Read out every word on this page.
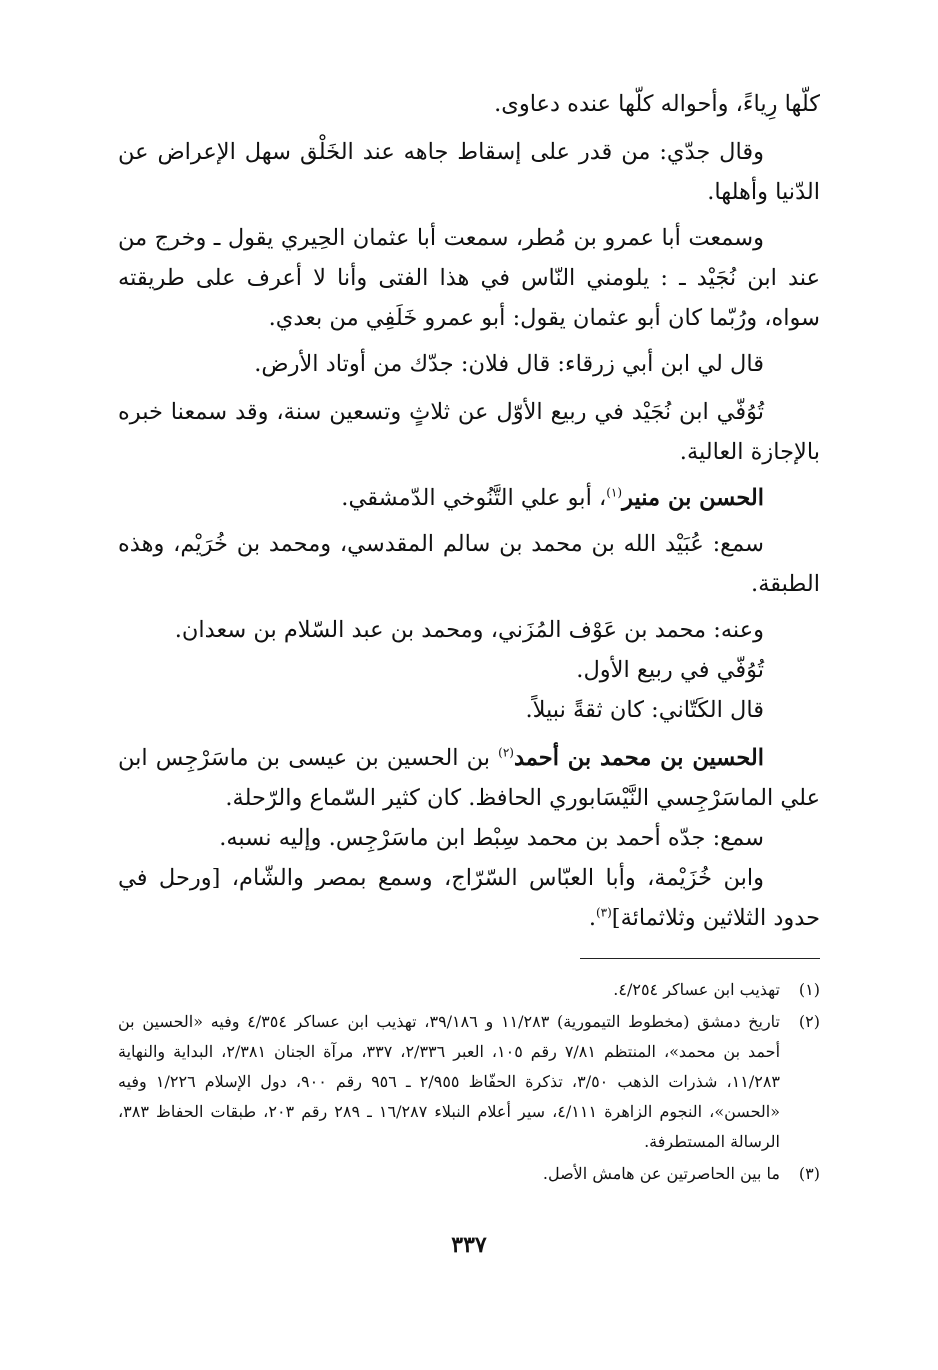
كلّها رِياءً، وأحواله كلّها عنده دعاوى.

وقال جدّي: من قدر على إسقاط جاهه عند الخَلْق سهل الإعراض عن الدّنيا وأهلها.

وسمعت أبا عمرو بن مُطر، سمعت أبا عثمان الحِيري يقول ـ وخرج من عند ابن نُجَيْد ـ : يلومني النّاس في هذا الفتى وأنا لا أعرف على طريقته سواه، ورُبّما كان أبو عثمان يقول: أبو عمرو خَلَفِي من بعدي.

قال لي ابن أبي زرقاء: قال فلان: جدّك من أوتاد الأرض.

تُوُفّي ابن نُجَيْد في ربيع الأوّل عن ثلاثٍ وتسعين سنة، وقد سمعنا خبره بالإجازة العالية.

الحسن بن منير$^{(١)}$، أبو علي التَّنُوخي الدّمشقي.

سمع: عُبَيْد الله بن محمد بن سالم المقدسي، ومحمد بن خُرَيْم، وهذه الطبقة.

وعنه: محمد بن عَوْف المُزَني، ومحمد بن عبد السّلام بن سعدان.

تُوُفّي في ربيع الأول.

قال الكَتّاني: كان ثقةً نبيلاً.

الحسين بن محمد بن أحمد$^{(٢)}$ بن الحسين بن عيسى بن ماسَرْجِس ابن علي الماسَرْجِسي النَّيْسَابوري الحافظ. كان كثير السّماع والرّحلة.

سمع: جدّه أحمد بن محمد سِبْط ابن ماسَرْجِس. وإليه نسبه.

وابن خُزَيْمة، وأبا العبّاس السّرّاج، وسمع بمصر والشّام، [ورحل في حدود الثلاثين وثلاثمائة]$^{(٣)}$.

(١)
تهذيب ابن عساكر ٤/٢٥٤.
(٢)
تاريخ دمشق (مخطوط التيمورية) ١١/٢٨٣ و ٣٩/١٨٦، تهذيب ابن عساكر ٤/٣٥٤ وفيه «الحسين بن أحمد بن محمد»، المنتظم ٧/٨١ رقم ١٠٥، العبر ٢/٣٣٦، ٣٣٧، مرآة الجنان ٢/٣٨١، البداية والنهاية ١١/٢٨٣، شذرات الذهب ٣/٥٠، تذكرة الحفّاظ ٢/٩٥٥ ـ ٩٥٦ رقم ٩٠٠، دول الإسلام ١/٢٢٦ وفيه «الحسن»، النجوم الزاهرة ٤/١١١، سير أعلام النبلاء ١٦/٢٨٧ ـ ٢٨٩ رقم ٢٠٣، طبقات الحفاظ ٣٨٣، الرسالة المستطرفة.
(٣)
ما بين الحاصرتين عن هامش الأصل.
٣٣٧
